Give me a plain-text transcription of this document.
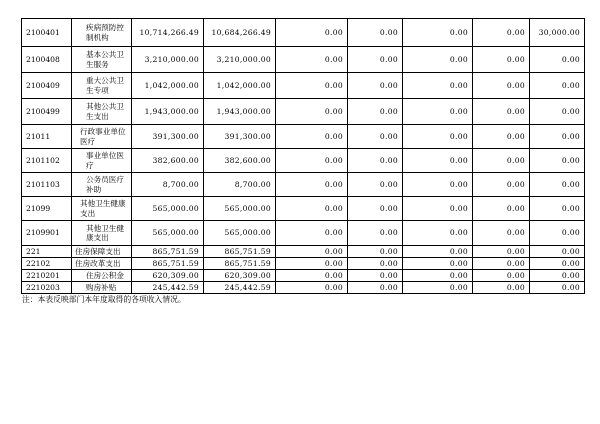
2100401	疾病预防控制机构	10,714,266.49	10,684,266.49	0.00	0.00	0.00	0.00	30,000.00
2100408	基本公共卫生服务	3,210,000.00	3,210,000.00	0.00	0.00	0.00	0.00	0.00
2100409	重大公共卫生专项	1,042,000.00	1,042,000.00	0.00	0.00	0.00	0.00	0.00
2100499	其他公共卫生支出	1,943,000.00	1,943,000.00	0.00	0.00	0.00	0.00	0.00
21011	行政事业单位医疗	391,300.00	391,300.00	0.00	0.00	0.00	0.00	0.00
2101102	事业单位医疗	382,600.00	382,600.00	0.00	0.00	0.00	0.00	0.00
2101103	公务员医疗补助	8,700.00	8,700.00	0.00	0.00	0.00	0.00	0.00
21099	其他卫生健康支出	565,000.00	565,000.00	0.00	0.00	0.00	0.00	0.00
2109901	其他卫生健康支出	565,000.00	565,000.00	0.00	0.00	0.00	0.00	0.00
221	住房保障支出	865,751.59	865,751.59	0.00	0.00	0.00	0.00	0.00
22102	住房改革支出	865,751.59	865,751.59	0.00	0.00	0.00	0.00	0.00
2210201	住房公积金	620,309.00	620,309.00	0.00	0.00	0.00	0.00	0.00
2210203	购房补贴	245,442.59	245,442.59	0.00	0.00	0.00	0.00	0.00
注：本表反映部门本年度取得的各项收入情况。
